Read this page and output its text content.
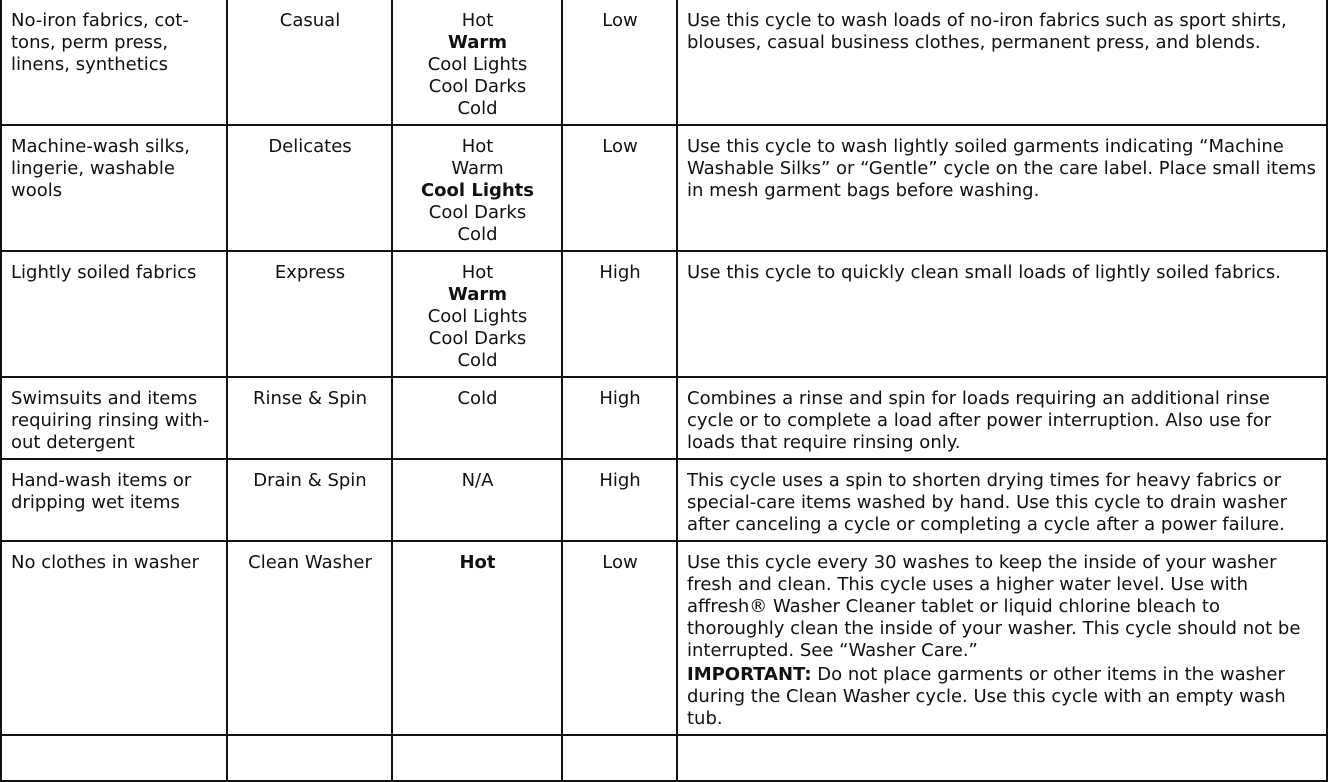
No-iron fabrics, cot- tons, perm press, linens, synthetics	Casual	Hot
Warm
Cool Lights
Cool Darks
Cold	Low	Use this cycle to wash loads of no-iron fabrics such as sport shirts, blouses, casual business clothes, permanent press, and blends.
Machine-wash silks, lingerie, washable wools	Delicates	Hot
Warm
Cool Lights
Cool Darks
Cold	Low	Use this cycle to wash lightly soiled garments indicating “Machine Washable Silks” or “Gentle” cycle on the care label. Place small items in mesh garment bags before washing.
Lightly soiled fabrics	Express	Hot
Warm
Cool Lights
Cool Darks
Cold	High	Use this cycle to quickly clean small loads of lightly soiled fabrics.
Swimsuits and items requiring rinsing with- out detergent	Rinse & Spin	Cold	High	Combines a rinse and spin for loads requiring an additional rinse cycle or to complete a load after power interruption. Also use for loads that require rinsing only.
Hand-wash items or dripping wet items	Drain & Spin	N/A	High	This cycle uses a spin to shorten drying times for heavy fabrics or special-care items washed by hand. Use this cycle to drain washer after canceling a cycle or completing a cycle after a power failure.
No clothes in washer	Clean Washer	Hot	Low	Use this cycle every 30 washes to keep the inside of your washer fresh and clean. This cycle uses a higher water level. Use with affresh® Washer Cleaner tablet or liquid chlorine bleach to thoroughly clean the inside of your washer. This cycle should not be interrupted. See “Washer Care.”
IMPORTANT: Do not place garments or other items in the washer during the Clean Washer cycle. Use this cycle with an empty wash tub.
